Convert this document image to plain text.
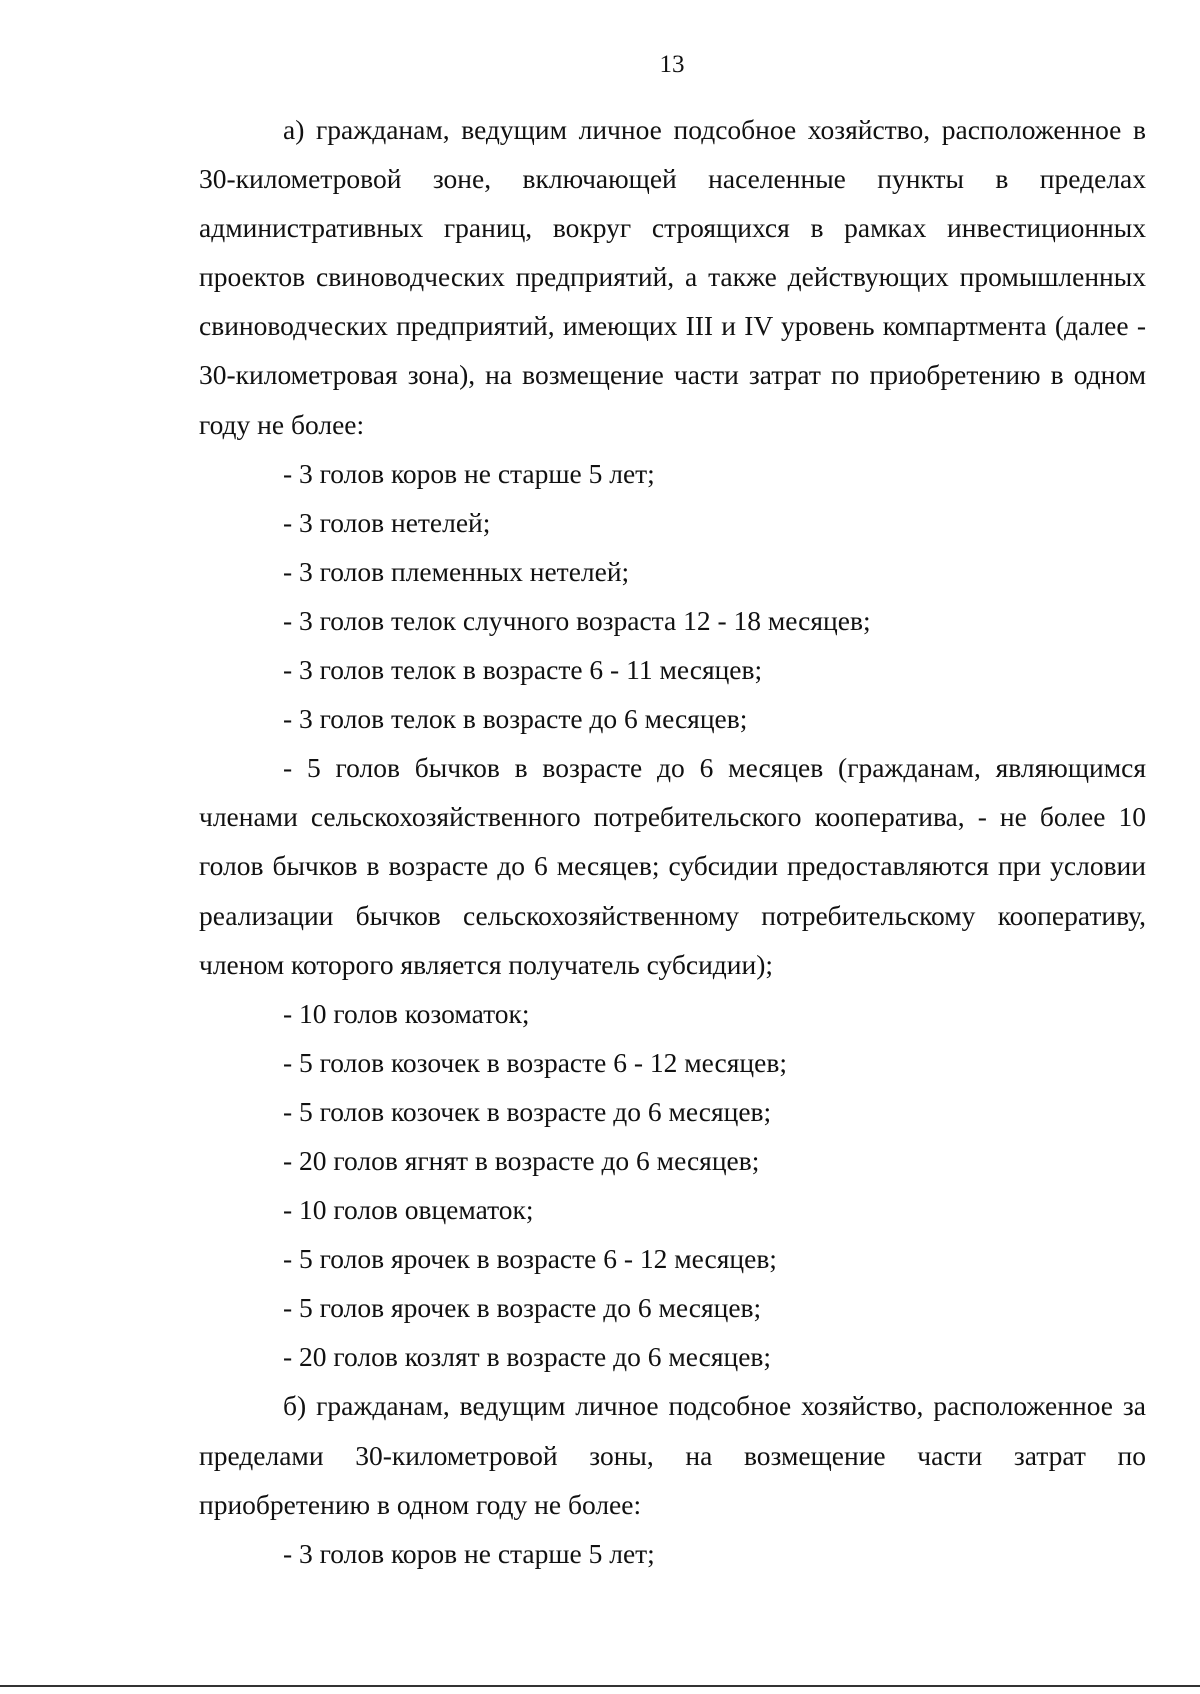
13

а) гражданам, ведущим личное подсобное хозяйство, расположенное в 30-километровой зоне, включающей населенные пункты в пределах административных границ, вокруг строящихся в рамках инвестиционных проектов свиноводческих предприятий, а также действующих промышленных свиноводческих предприятий, имеющих III и IV уровень компартмента (далее - 30-километровая зона), на возмещение части затрат по приобретению в одном году не более:

- 3 голов коров не старше 5 лет;

- 3 голов нетелей;

- 3 голов племенных нетелей;

- 3 голов телок случного возраста 12 - 18 месяцев;

- 3 голов телок в возрасте 6 - 11 месяцев;

- 3 голов телок в возрасте до 6 месяцев;

- 5 голов бычков в возрасте до 6 месяцев (гражданам, являющимся членами сельскохозяйственного потребительского кооператива, - не более 10 голов бычков в возрасте до 6 месяцев; субсидии предоставляются при условии реализации бычков сельскохозяйственному потребительскому кооперативу, членом которого является получатель субсидии);

- 10 голов козоматок;

- 5 голов козочек в возрасте 6 - 12 месяцев;

- 5 голов козочек в возрасте до 6 месяцев;

- 20 голов ягнят в возрасте до 6 месяцев;

- 10 голов овцематок;

- 5 голов ярочек в возрасте 6 - 12 месяцев;

- 5 голов ярочек в возрасте до 6 месяцев;

- 20 голов козлят в возрасте до 6 месяцев;

б) гражданам, ведущим личное подсобное хозяйство, расположенное за пределами 30-километровой зоны, на возмещение части затрат по приобретению в одном году не более:

- 3 голов коров не старше 5 лет;
